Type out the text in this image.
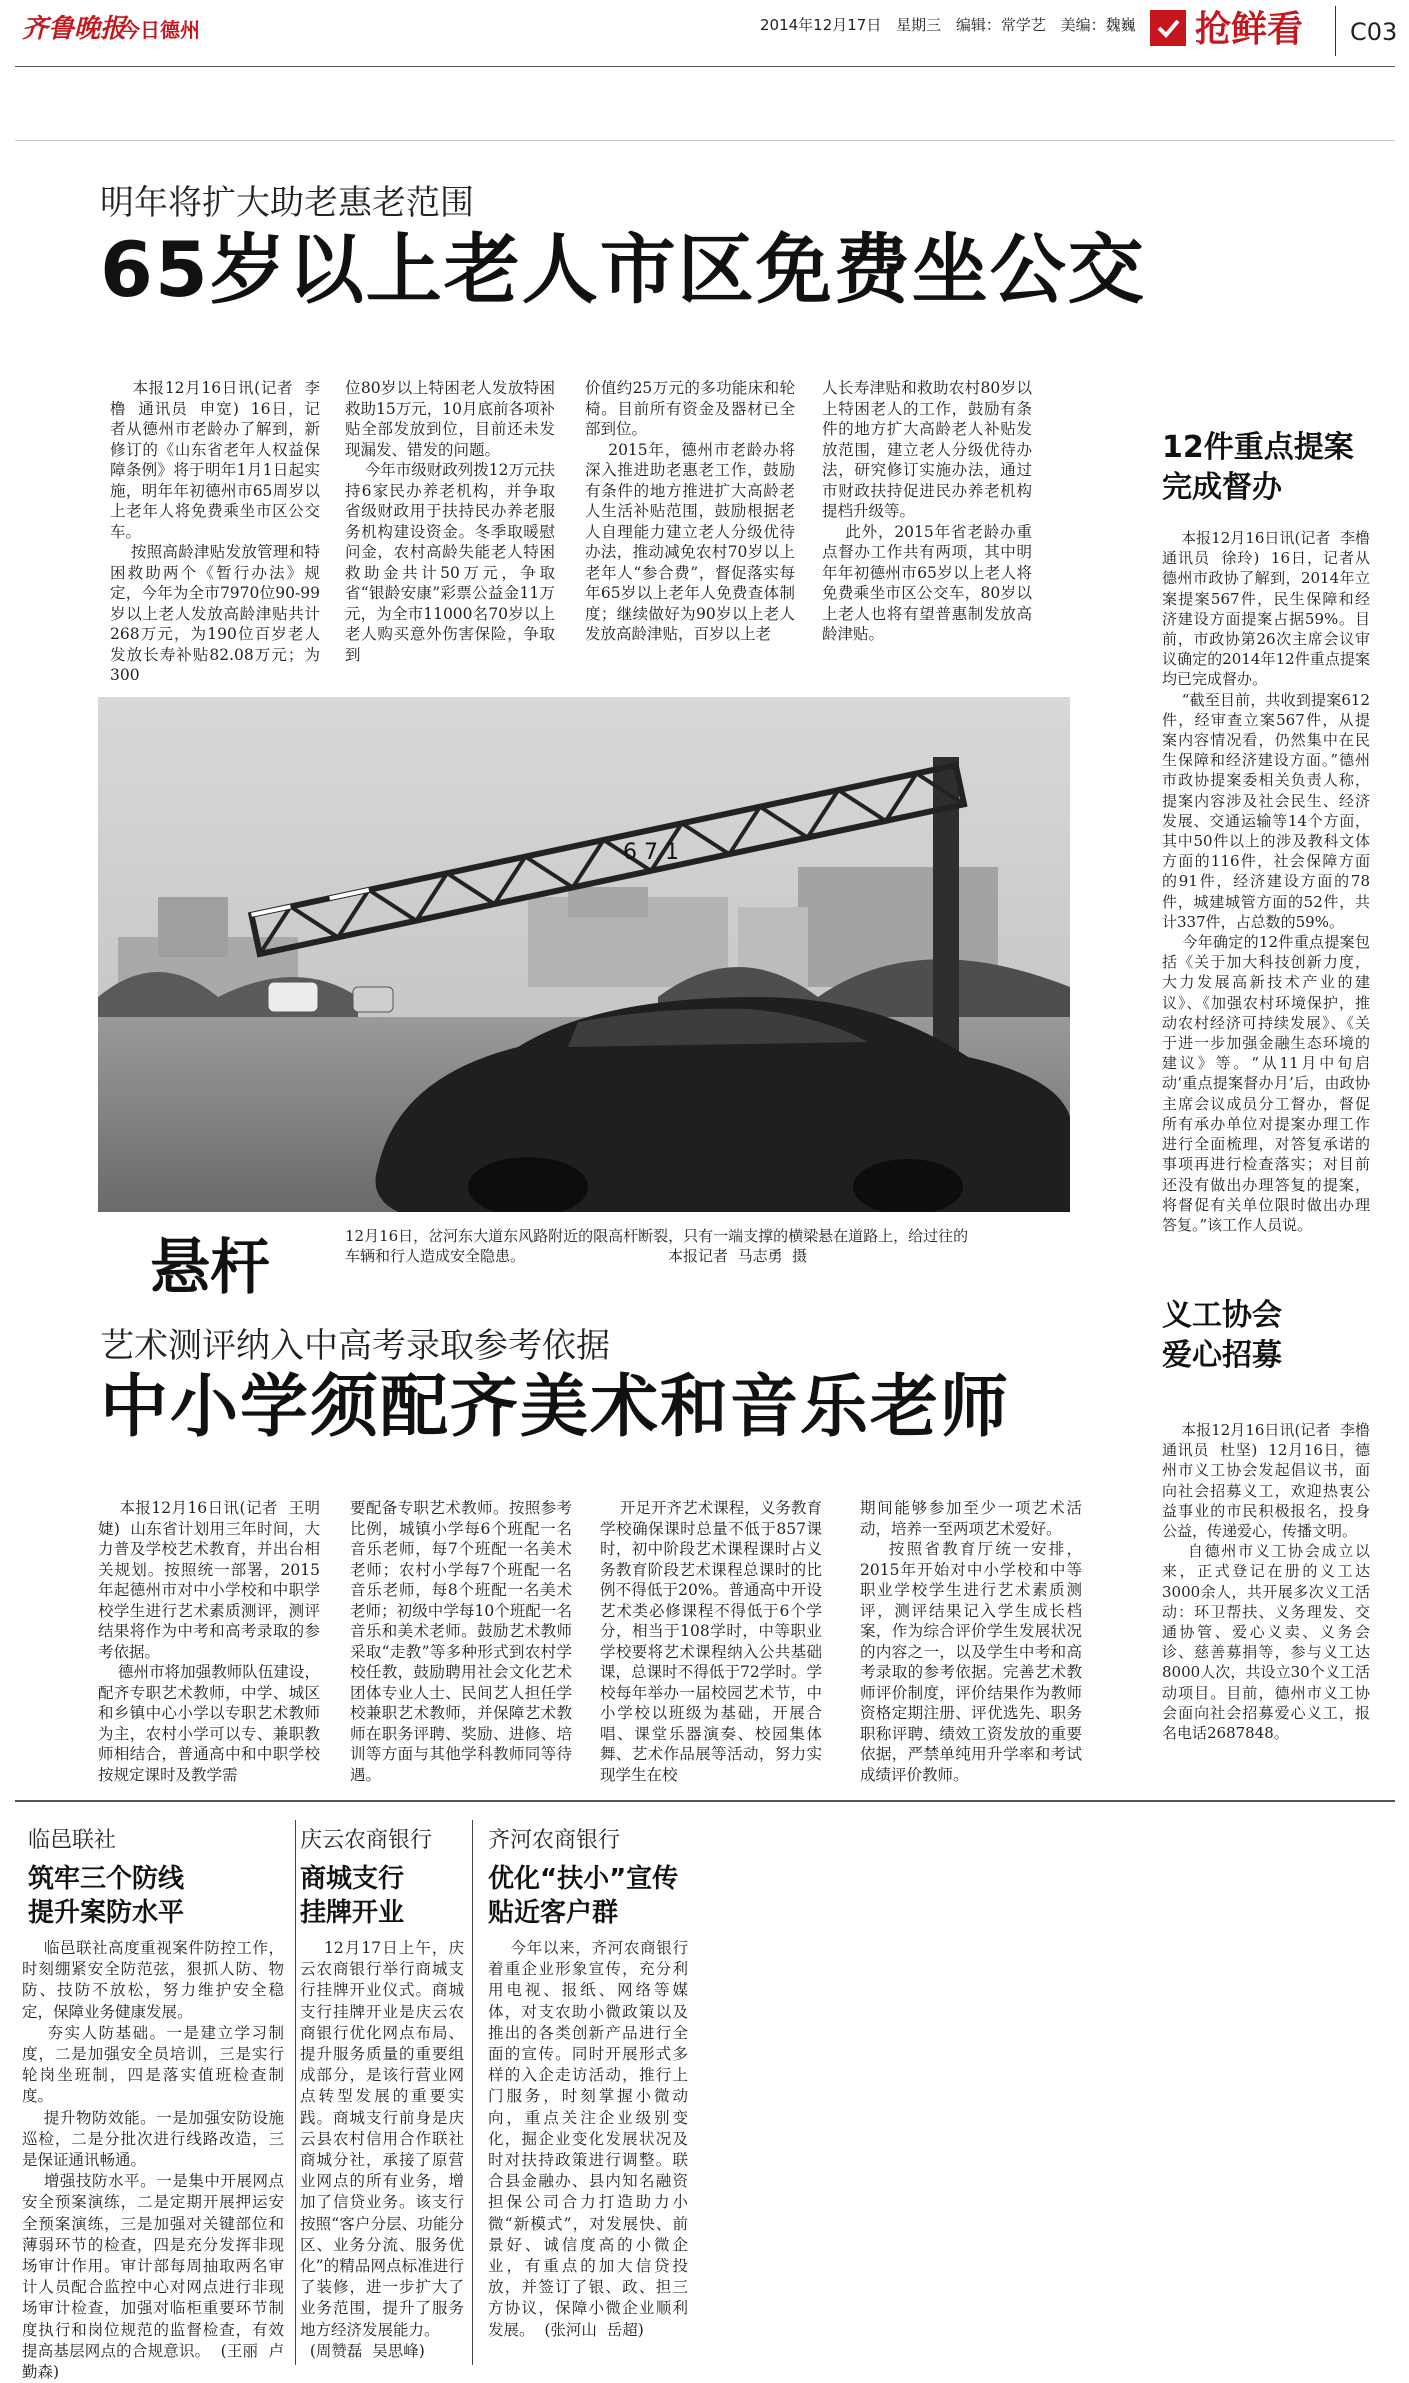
齐鲁晚报
今日德州	2014年12月17日 星期三 编辑：常学艺 美编：魏巍 抢鲜看 C03
明年将扩大助老惠老范围
65岁以上老人市区免费坐公交
本报12月16日讯(记者  李橹  通讯员  申宽)  16日，记者从德州市老龄办了解到，新修订的《山东省老年人权益保障条例》将于明年1月1日起实施，明年年初德州市65周岁以上老年人将免费乘坐市区公交车。
按照高龄津贴发放管理和特困救助两个《暂行办法》规定，今年为全市7970位90-99岁以上老人发放高龄津贴共计268万元，为190位百岁老人发放长寿补贴82.08万元；为300
位80岁以上特困老人发放特困救助15万元，10月底前各项补贴全部发放到位，目前还未发现漏发、错发的问题。
今年市级财政列拨12万元扶持6家民办养老机构，并争取省级财政用于扶持民办养老服务机构建设资金。冬季取暖慰问金，农村高龄失能老人特困救助金共计50万元，争取省“银龄安康”彩票公益金11万元，为全市11000名70岁以上老人购买意外伤害保险，争取到
价值约25万元的多功能床和轮椅。目前所有资金及器材已全部到位。
2015年，德州市老龄办将深入推进助老惠老工作，鼓励有条件的地方推进扩大高龄老人生活补贴范围，鼓励根据老人自理能力建立老人分级优待办法，推动减免农村70岁以上老年人“参合费”，督促落实每年65岁以上老年人免费查体制度；继续做好为90岁以上老人发放高龄津贴，百岁以上老
人长寿津贴和救助农村80岁以上特困老人的工作，鼓励有条件的地方扩大高龄老人补贴发放范围，建立老人分级优待办法，研究修订实施办法，通过市财政扶持促进民办养老机构提档升级等。
此外，2015年省老龄办重点督办工作共有两项，其中明年年初德州市65岁以上老人将免费乘坐市区公交车，80岁以上老人也将有望普惠制发放高龄津贴。
12件重点提案
完成督办
本报12月16日讯(记者  李橹  通讯员  徐玲)  16日，记者从德州市政协了解到，2014年立案提案567件，民生保障和经济建设方面提案占据59%。目前，市政协第26次主席会议审议确定的2014年12件重点提案均已完成督办。
“截至目前，共收到提案612件，经审查立案567件，从提案内容情况看，仍然集中在民生保障和经济建设方面。”德州市政协提案委相关负责人称，提案内容涉及社会民生、经济发展、交通运输等14个方面，其中50件以上的涉及教科文体方面的116件，社会保障方面的91件，经济建设方面的78件，城建城管方面的52件，共计337件，占总数的59%。
今年确定的12件重点提案包括《关于加大科技创新力度，大力发展高新技术产业的建议》、《加强农村环境保护，推动农村经济可持续发展》、《关于进一步加强金融生态环境的建议》等。“从11月中旬启动‘重点提案督办月’后，由政协主席会议成员分工督办，督促所有承办单位对提案办理工作进行全面梳理，对答复承诺的事项再进行检查落实；对目前还没有做出办理答复的提案，将督促有关单位限时做出办理答复。”该工作人员说。
6 7 1
悬杆	12月16日，岔河东大道东风路附近的限高杆断裂，只有一端支撑的横梁悬在道路上，给过往的
车辆和行人造成安全隐患。                              本报记者  马志勇  摄
艺术测评纳入中高考录取参考依据
中小学须配齐美术和音乐老师
本报12月16日讯(记者  王明婕)  山东省计划用三年时间，大力普及学校艺术教育，并出台相关规划。按照统一部署，2015年起德州市对中小学校和中职学校学生进行艺术素质测评，测评结果将作为中考和高考录取的参考依据。
德州市将加强教师队伍建设，配齐专职艺术教师，中学、城区和乡镇中心小学以专职艺术教师为主，农村小学可以专、兼职教师相结合，普通高中和中职学校按规定课时及教学需
要配备专职艺术教师。按照参考比例，城镇小学每6个班配一名音乐老师，每7个班配一名美术老师；农村小学每7个班配一名音乐老师，每8个班配一名美术老师；初级中学每10个班配一名音乐和美术老师。鼓励艺术教师采取“走教”等多种形式到农村学校任教，鼓励聘用社会文化艺术团体专业人士、民间艺人担任学校兼职艺术教师，并保障艺术教师在职务评聘、奖励、进修、培训等方面与其他学科教师同等待遇。
开足开齐艺术课程，义务教育学校确保课时总量不低于857课时，初中阶段艺术课程课时占义务教育阶段艺术课程总课时的比例不得低于20%。普通高中开设艺术类必修课程不得低于6个学分，相当于108学时，中等职业学校要将艺术课程纳入公共基础课，总课时不得低于72学时。学校每年举办一届校园艺术节，中小学校以班级为基础，开展合唱、课堂乐器演奏、校园集体舞、艺术作品展等活动，努力实现学生在校
期间能够参加至少一项艺术活动，培养一至两项艺术爱好。
按照省教育厅统一安排，2015年开始对中小学校和中等职业学校学生进行艺术素质测评，测评结果记入学生成长档案，作为综合评价学生发展状况的内容之一，以及学生中考和高考录取的参考依据。完善艺术教师评价制度，评价结果作为教师资格定期注册、评优选先、职务职称评聘、绩效工资发放的重要依据，严禁单纯用升学率和考试成绩评价教师。
义工协会
爱心招募
本报12月16日讯(记者  李橹  通讯员  杜坚)  12月16日，德州市义工协会发起倡议书，面向社会招募义工，欢迎热衷公益事业的市民积极报名，投身公益，传递爱心，传播文明。
自德州市义工协会成立以来，正式登记在册的义工达3000余人，共开展多次义工活动：环卫帮扶、义务理发、交通协管、爱心义卖、义务会诊、慈善募捐等，参与义工达8000人次，共设立30个义工活动项目。目前，德州市义工协会面向社会招募爱心义工，报名电话2687848。
临邑联社
筑牢三个防线
提升案防水平
临邑联社高度重视案件防控工作，时刻绷紧安全防范弦，狠抓人防、物防、技防不放松，努力维护安全稳定，保障业务健康发展。
夯实人防基础。一是建立学习制度，二是加强安全员培训，三是实行轮岗坐班制，四是落实值班检查制度。
提升物防效能。一是加强安防设施巡检，二是分批次进行线路改造，三是保证通讯畅通。
增强技防水平。一是集中开展网点安全预案演练，二是定期开展押运安全预案演练，三是加强对关键部位和薄弱环节的检查，四是充分发挥非现场审计作用。审计部每周抽取两名审计人员配合监控中心对网点进行非现场审计检查，加强对临柜重要环节制度执行和岗位规范的监督检查，有效提高基层网点的合规意识。  (王丽  卢勤森)
庆云农商银行
商城支行
挂牌开业
12月17日上午，庆云农商银行举行商城支行挂牌开业仪式。商城支行挂牌开业是庆云农商银行优化网点布局、提升服务质量的重要组成部分，是该行营业网点转型发展的重要实践。商城支行前身是庆云县农村信用合作联社商城分社，承接了原营业网点的所有业务，增加了信贷业务。该支行按照“客户分层、功能分区、业务分流、服务优化”的精品网点标准进行了装修，进一步扩大了业务范围，提升了服务地方经济发展能力。
(周赞磊  吴思峰)
齐河农商银行
优化“扶小”宣传
贴近客户群
今年以来，齐河农商银行着重企业形象宣传，充分利用电视、报纸、网络等媒体，对支农助小微政策以及推出的各类创新产品进行全面的宣传。同时开展形式多样的入企走访活动，推行上门服务，时刻掌握小微动向，重点关注企业级别变化，掘企业变化发展状况及时对扶持政策进行调整。联合县金融办、县内知名融资担保公司合力打造助力小微“新模式”，对发展快、前景好、诚信度高的小微企业，有重点的加大信贷投放，并签订了银、政、担三方协议，保障小微企业顺利发展。  (张河山  岳超)
